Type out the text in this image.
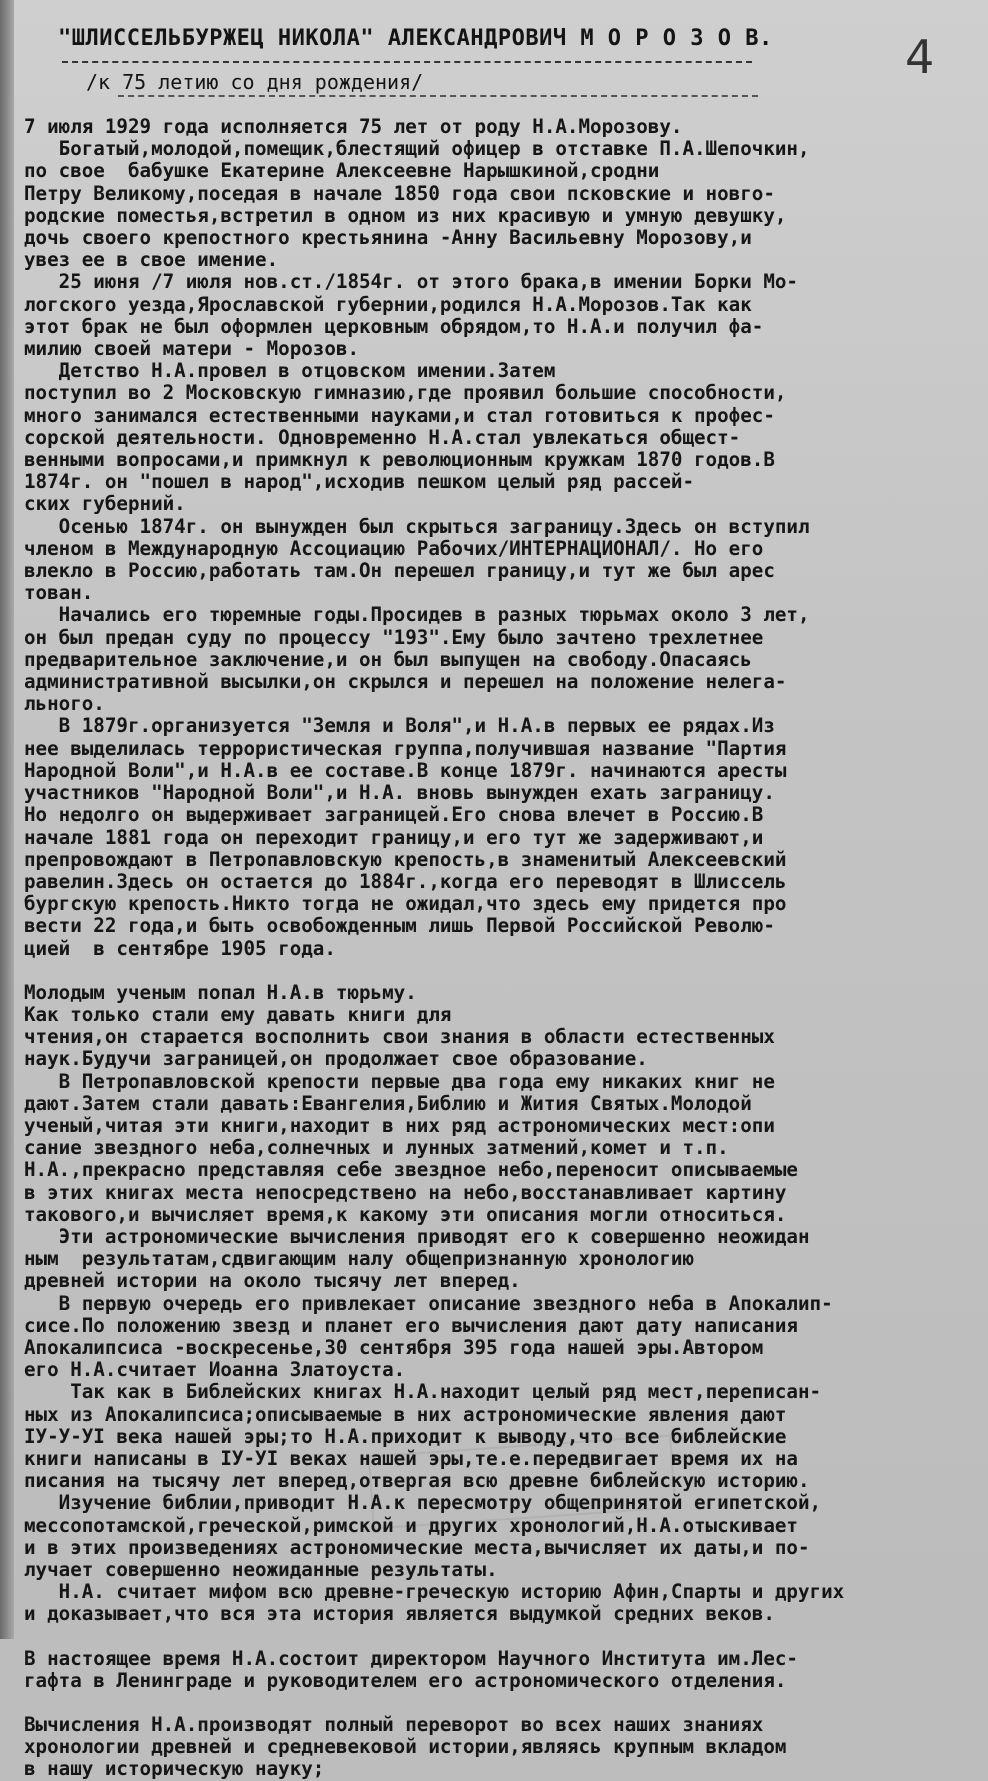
4
"ШЛИССЕЛЬБУРЖЕЦ НИКОЛА" АЛЕКСАНДРОВИЧ М О Р О З О В.
/к 75 летию со дня рождения/

7 июля 1929 года исполняется 75 лет от роду Н.А.Морозову.

Богатый,молодой,помещик,блестящий офицер в отставке П.А.Шепочкин,

по свое  бабушке Екатерине Алексеевне Нарышкиной,сродни

Петру Великому,поседая в начале 1850 года свои псковские и новго-

родские поместья,встретил в одном из них красивую и умную девушку,

дочь своего крепостного крестьянина -Анну Васильевну Морозову,и

увез ее в свое имение.

25 июня /7 июля нов.ст./1854г. от этого брака,в имении Борки Мо-

логского уезда,Ярославской губернии,родился Н.А.Морозов.Так как

этот брак не был оформлен церковным обрядом,то Н.А.и получил фа-

милию своей матери - Морозов.

Детство Н.А.провел в отцовском имении.Затем

поступил во 2 Московскую гимназию,где проявил большие способности,

много занимался естественными науками,и стал готовиться к профес-

сорской деятельности. Одновременно Н.А.стал увлекаться общест-

венными вопросами,и примкнул к революционным кружкам 1870 годов.В

1874г. он "пошел в народ",исходив пешком целый ряд рассей-

ских губерний.

Осенью 1874г. он вынужден был скрыться заграницу.Здесь он вступил

членом в Международную Ассоциацию Рабочих/ИНТЕРНАЦИОНАЛ/. Но его

влекло в Россию,работать там.Он перешел границу,и тут же был арес

тован.

Начались его тюремные годы.Просидев в разных тюрьмах около 3 лет,

он был предан суду по процессу "193".Ему было зачтено трехлетнее

предварительное заключение,и он был выпущен на свободу.Опасаясь

административной высылки,он скрылся и перешел на положение нелега-

льного.

В 1879г.организуется "Земля и Воля",и Н.А.в первых ее рядах.Из

нее выделилась террористическая группа,получившая название "Партия

Народной Воли",и Н.А.в ее составе.В конце 1879г. начинаются аресты

участников "Народной Воли",и Н.А. вновь вынужден ехать заграницу.

Но недолго он выдерживает заграницей.Его снова влечет в Россию.В

начале 1881 года он переходит границу,и его тут же задерживают,и

препровождают в Петропавловскую крепость,в знаменитый Алексеевский

равелин.Здесь он остается до 1884г.,когда его переводят в Шлиссель

бургскую крепость.Никто тогда не ожидал,что здесь ему придется про

вести 22 года,и быть освобожденным лишь Первой Российской Револю-

цией  в сентябре 1905 года.

Молодым ученым попал Н.А.в тюрьму.

Как только стали ему давать книги для

чтения,он старается восполнить свои знания в области естественных

наук.Будучи заграницей,он продолжает свое образование.

В Петропавловской крепости первые два года ему никаких книг не

дают.Затем стали давать:Евангелия,Библию и Жития Святых.Молодой

ученый,читая эти книги,находит в них ряд астрономических мест:опи

сание звездного неба,солнечных и лунных затмений,комет и т.п.

Н.А.,прекрасно представляя себе звездное небо,переносит описываемые

в этих книгах места непосредствено на небо,восстанавливает картину

такового,и вычисляет время,к какому эти описания могли относиться.

Эти астрономические вычисления приводят его к совершенно неожидан

ным  результатам,сдвигающим налу общепризнанную хронологию

древней истории на около тысячу лет вперед.

В первую очередь его привлекает описание звездного неба в Апокалип-

сисе.По положению звезд и планет его вычисления дают дату написания

Апокалипсиса -воскресенье,30 сентября 395 года нашей эры.Автором

его Н.А.считает Иоанна Златоуста.

Так как в Библейских книгах Н.А.находит целый ряд мест,переписан-

ных из Апокалипсиса;описываемые в них астрономические явления дают

IУ-У-УI века нашей эры;то Н.А.приходит к выводу,что все библейские

книги написаны в IУ-УI веках нашей эры,те.е.передвигает время их на

писания на тысячу лет вперед,отвергая всю древне библейскую историю.

Изучение библии,приводит Н.А.к пересмотру общепринятой египетской,

мессопотамской,греческой,римской и других хронологий,Н.А.отыскивает

и в этих произведениях астрономические места,вычисляет их даты,и по-

лучает совершенно неожиданные результаты.

Н.А. считает мифом всю древне-греческую историю Афин,Спарты и других

и доказывает,что вся эта история является выдумкой средних веков.

В настоящее время Н.А.состоит директором Научного Института им.Лес-

гафта в Ленинграде и руководителем его астрономического отделения.

Вычисления Н.А.производят полный переворот во всех наших знаниях

хронологии древней и средневековой истории,являясь крупным вкладом

в нашу историческую науку;
